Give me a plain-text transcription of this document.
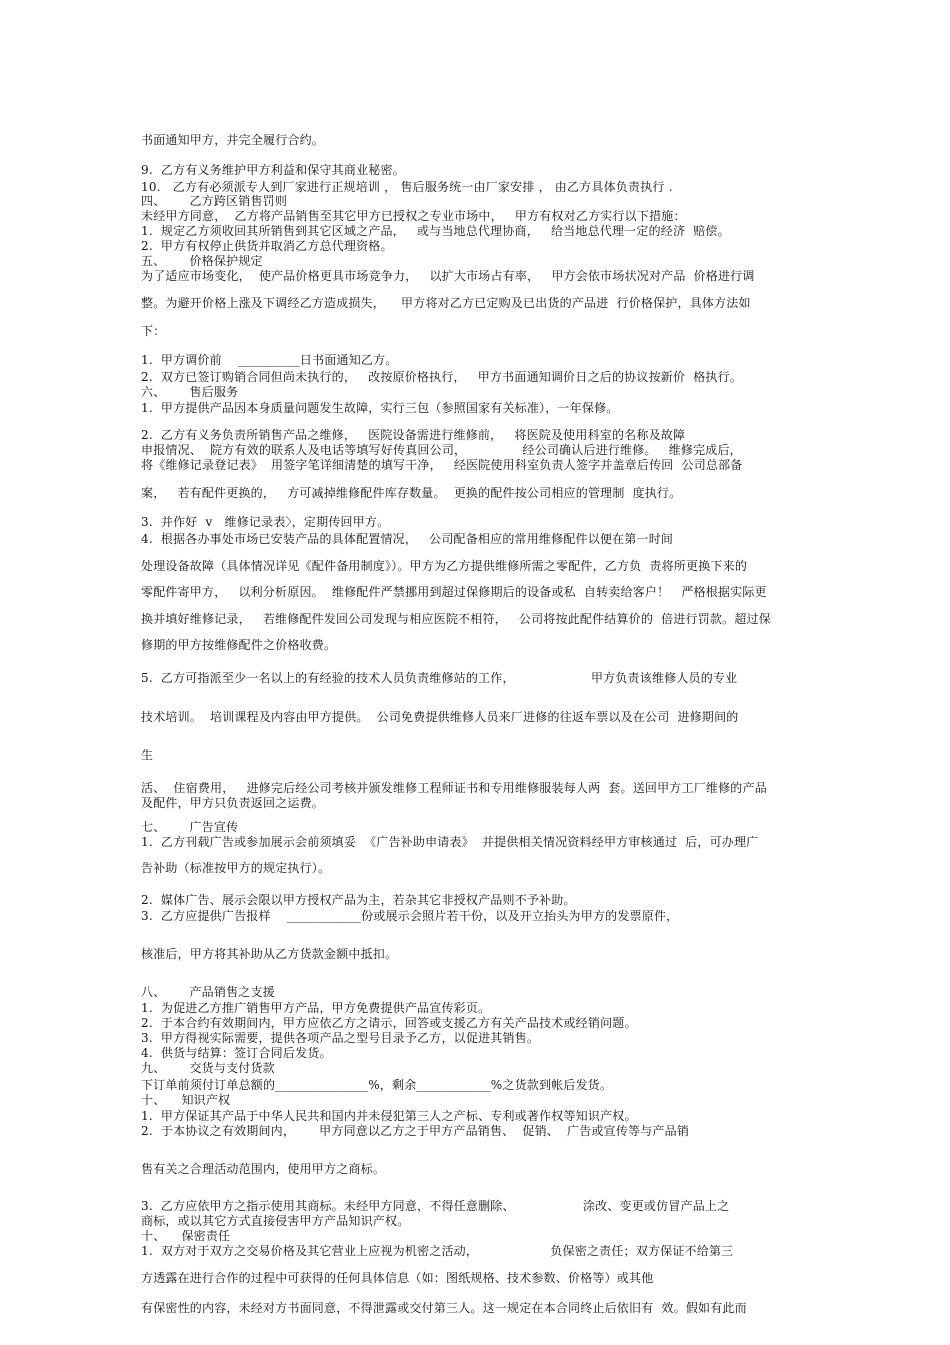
书面通知甲方，并完全履行合约。
9.  乙方有义务维护甲方利益和保守其商业秘密。
10.   乙方有必须派专人到厂家进行正规培训 ， 售后服务统一由厂家安排 ， 由乙方具体负责执行 .
四、      乙方跨区销售罚则
未经甲方同意，  乙方将产品销售至其它甲方已授权之专业市场中，   甲方有权对乙方实行以下措施：
1.  规定乙方须收回其所销售到其它区域之产品，   或与当地总代理协商，   给当地总代理一定的经济  赔偿。
2.  甲方有权停止供货并取消乙方总代理资格。
五、      价格保护规定
为了适应市场变化，  使产品价格更具市场竞争力，   以扩大市场占有率，   甲方会依市场状况对产品  价格进行调
整。为避开价格上涨及下调经乙方造成损失，    甲方将对乙方已定购及已出货的产品进  行价格保护，具体方法如
下：
1.  甲方调价前    __________日书面通知乙方。
2.  双方已签订购销合同但尚未执行的，   改按原价格执行，   甲方书面通知调价日之后的协议按新价  格执行。
六、      售后服务
1.  甲方提供产品因本身质量问题发生故障，实行三包（参照国家有关标准），一年保修。
2.  乙方有义务负责所销售产品之维修，   医院设备需进行维修前，   将医院及使用科室的名称及故障
申报情况、  院方有效的联系人及电话等填写好传真回公司，              经公司确认后进行维修。   维修完成后，
将《维修记录登记表》  用签字笔详细清楚的填写干净，   经医院使用科室负责人签字并盖章后传回  公司总部备
案，   若有配件更换的，   方可减掉维修配件库存数量。  更换的配件按公司相应的管理制  度执行。
3.  并作好  v   维修记录表〉，定期传回甲方。
4.  根据各办事处市场已安装产品的具体配置情况，   公司配备相应的常用维修配件以便在第一时间
处理设备故障（具体情况详见《配件备用制度》）。甲方为乙方提供维修所需之零配件，乙方负  责将所更换下来的
零配件寄甲方，   以利分析原因。  维修配件严禁挪用到超过保修期后的设备或私  自转卖给客户！   严格根据实际更
换并填好维修记录，   若维修配件发回公司发现与相应医院不相符，   公司将按此配件结算价的  倍进行罚款。超过保
修期的甲方按维修配件之价格收费。
5.  乙方可指派至少一名以上的有经验的技术人员负责维修站的工作，                   甲方负责该维修人员的专业
技术培训。  培训课程及内容由甲方提供。  公司免费提供维修人员来厂进修的往返车票以及在公司  进修期间的
生
活、  住宿费用，   进修完后经公司考核并颁发维修工程师证书和专用维修服装每人两  套。送回甲方工厂维修的产品
及配件，甲方只负责返回之运费。
七、      广告宣传
1.  乙方刊载广告或参加展示会前须填妥  《广告补助申请表》  并提供相关情况资料经甲方审核通过  后，可办理广
告补助（标准按甲方的规定执行）。
2.  媒体广告、展示会限以甲方授权产品为主，若杂其它非授权产品则不予补助。
3.  乙方应提供广告报样    ____________份或展示会照片若干份，以及开立抬头为甲方的发票原件，
核准后，甲方将其补助从乙方货款金额中抵扣。
八、      产品销售之支援
1.  为促进乙方推广销售甲方产品，甲方免费提供产品宣传彩页。
2.  于本合约有效期间内，甲方应依乙方之请示，回答或支援乙方有关产品技术或经销问题。
3.  甲方得视实际需要，提供各项产品之型号目录予乙方，以促进其销售。
4.  供货与结算：签订合同后发货。
九、      交货与支付货款
下订单前须付订单总额的_______________%，剩余____________%之货款到帐后发货。
十、    知识产权
1.  甲方保证其产品于中华人民共和国内并未侵犯第三人之产标、专利或著作权等知识产权。
2.  于本协议之有效期间内，      甲方同意以乙方之于甲方产品销售、  促销、  广告或宣传等与产品销
售有关之合理活动范围内，使用甲方之商标。
3.  乙方应依甲方之指示使用其商标。未经甲方同意，不得任意删除、                 涂改、变更或仿冒产品上之
商标，或以其它方式直接侵害甲方产品知识产权。
十、    保密责任
1.  双方对于双方之交易价格及其它营业上应视为机密之活动，                  负保密之责任；双方保证不给第三
方透露在进行合作的过程中可获得的任何具体信息（如：图纸规格、技术参数、价格等）或其他
有保密性的内容，未经对方书面同意，不得泄露或交付第三人。这一规定在本合同终止后依旧有  效。假如有此而
